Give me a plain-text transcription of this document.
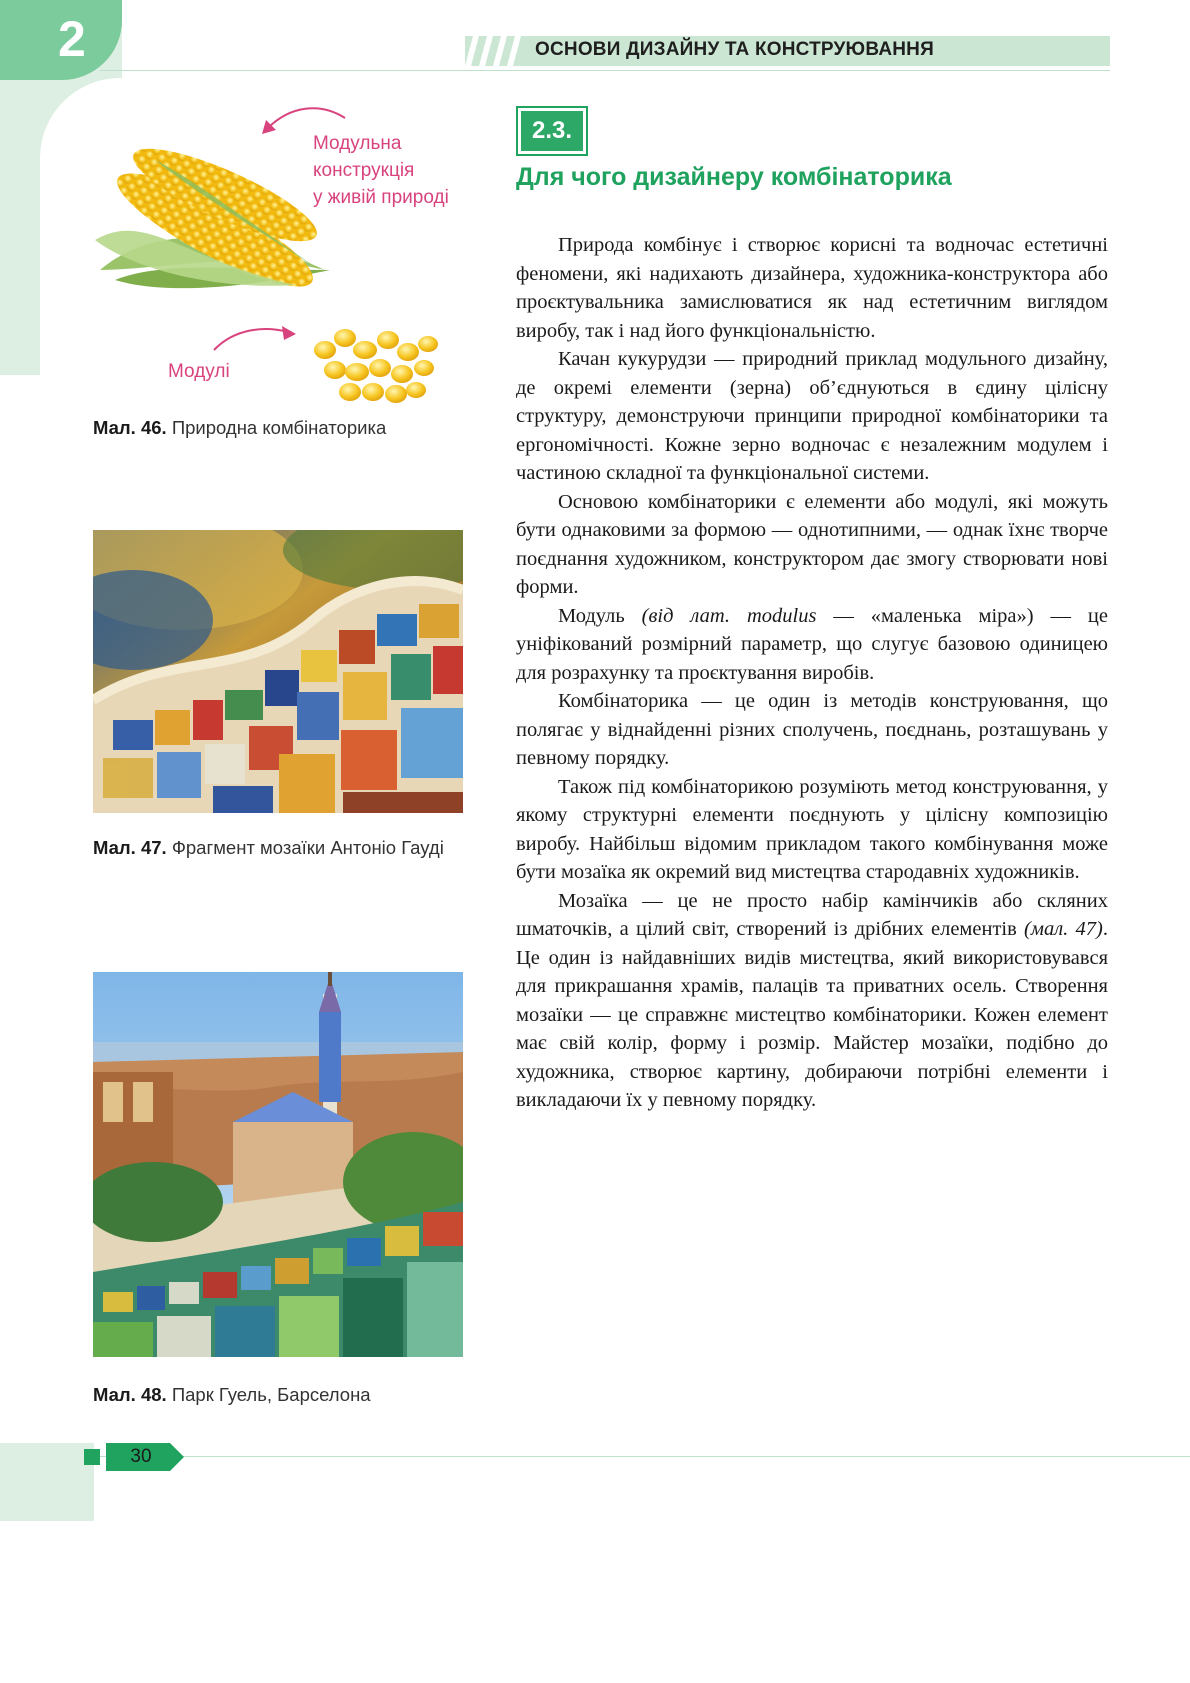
2	ОСНОВИ ДИЗАЙНУ ТА КОНСТРУЮВАННЯ
Модульна
конструкція
у живій природі
Модулі
Мал. 46. Природна комбінаторика
Мал. 47. Фрагмент мозаїки Антоніо Гауді
Мал. 48. Парк Гуель, Барселона
2.3.
Для чого дизайнеру комбінаторика

Природа комбінує і створює корисні та водночас естетичні феномени, які надихають дизайнера, художника-конструктора або проєктувальника замислюватися як над естетичним виглядом виробу, так і над його функціональністю.

Качан кукурудзи — природний приклад модульного дизайну, де окремі елементи (зерна) об’єднуються в єдину цілісну структуру, демонструючи принципи природної комбінаторики та ергономічності. Кожне зерно водночас є незалежним модулем і частиною складної та функціональної системи.

Основою комбінаторики є елементи або модулі, які можуть бути однаковими за формою — однотипними, — однак їхнє творче поєднання художником, конструктором дає змогу створювати нові форми.

Модуль (від лат. modulus — «маленька міра») — це уніфікований розмірний параметр, що слугує базовою одиницею для розрахунку та проєктування виробів.

Комбінаторика — це один із методів конструювання, що полягає у віднайденні різних сполучень, поєднань, розташувань у певному порядку.

Також під комбінаторикою розуміють метод конструювання, у якому структурні елементи поєднують у цілісну композицію виробу. Найбільш відомим прикладом такого комбінування може бути мозаїка як окремий вид мистецтва стародавніх художників.

Мозаїка — це не просто набір камінчиків або скляних шматочків, а цілий світ, створений із дрібних елементів (мал. 47). Це один із найдавніших видів мистецтва, який використовувався для прикрашання храмів, палаців та приватних осель. Створення мозаїки — це справжнє мистецтво комбінаторики. Кожен елемент має свій колір, форму і розмір. Майстер мозаїки, подібно до художника, створює картину, добираючи потрібні елементи і викладаючи їх у певному порядку.

30
